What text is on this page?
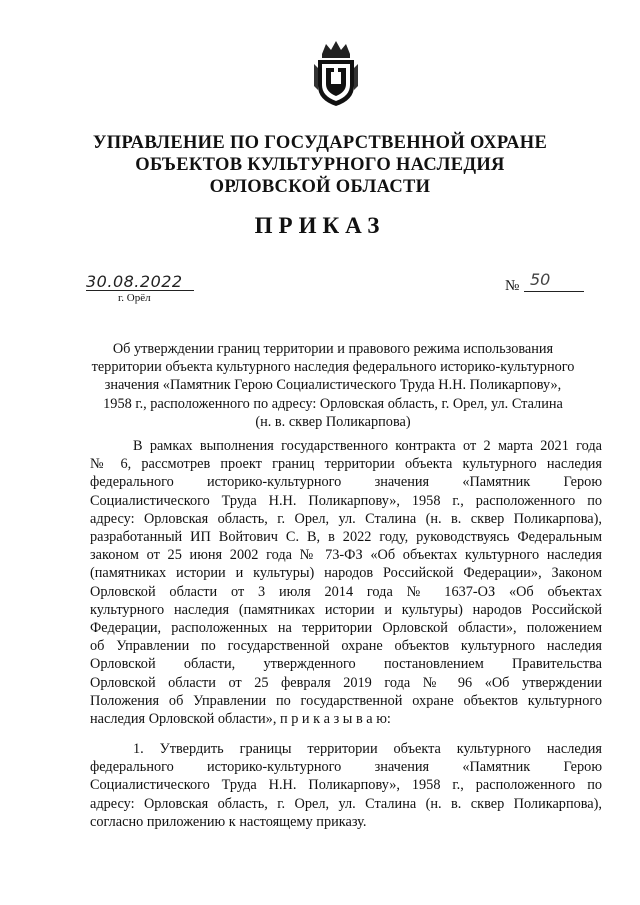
УПРАВЛЕНИЕ ПО ГОСУДАРСТВЕННОЙ ОХРАНЕ
ОБЪЕКТОВ КУЛЬТУРНОГО НАСЛЕДИЯ
ОРЛОВСКОЙ ОБЛАСТИ
ПРИКАЗ
30.08.2022
г. Орёл
№ 50
Об утверждении границ территории и правового режима использования
территории объекта культурного наследия федерального историко-культурного
значения «Памятник Герою Социалистического Труда Н.Н. Поликарпову»,
1958 г., расположенного по адресу: Орловская область, г. Орел, ул. Сталина
(н. в. сквер Поликарпова)
В рамках выполнения государственного контракта от 2 марта 2021 года
№ 6, рассмотрев проект границ территории объекта культурного наследия
федерального историко-культурного значения «Памятник Герою
Социалистического Труда Н.Н. Поликарпову», 1958 г., расположенного по
адресу: Орловская область, г. Орел, ул. Сталина (н. в. сквер Поликарпова),
разработанный ИП Войтович С. В, в 2022 году, руководствуясь Федеральным
законом от 25 июня 2002 года № 73-ФЗ «Об объектах культурного наследия
(памятниках истории и культуры) народов Российской Федерации», Законом
Орловской области от 3 июля 2014 года № 1637-ОЗ «Об объектах
культурного наследия (памятниках истории и культуры) народов Российской
Федерации, расположенных на территории Орловской области», положением
об Управлении по государственной охране объектов культурного наследия
Орловской области, утвержденного постановлением Правительства
Орловской области от 25 февраля 2019 года № 96 «Об утверждении
Положения об Управлении по государственной охране объектов культурного
наследия Орловской области», п р и к а з ы в а ю:
1. Утвердить границы территории объекта культурного наследия
федерального историко-культурного значения «Памятник Герою
Социалистического Труда Н.Н. Поликарпову», 1958 г., расположенного по
адресу: Орловская область, г. Орел, ул. Сталина (н. в. сквер Поликарпова),
согласно приложению к настоящему приказу.
